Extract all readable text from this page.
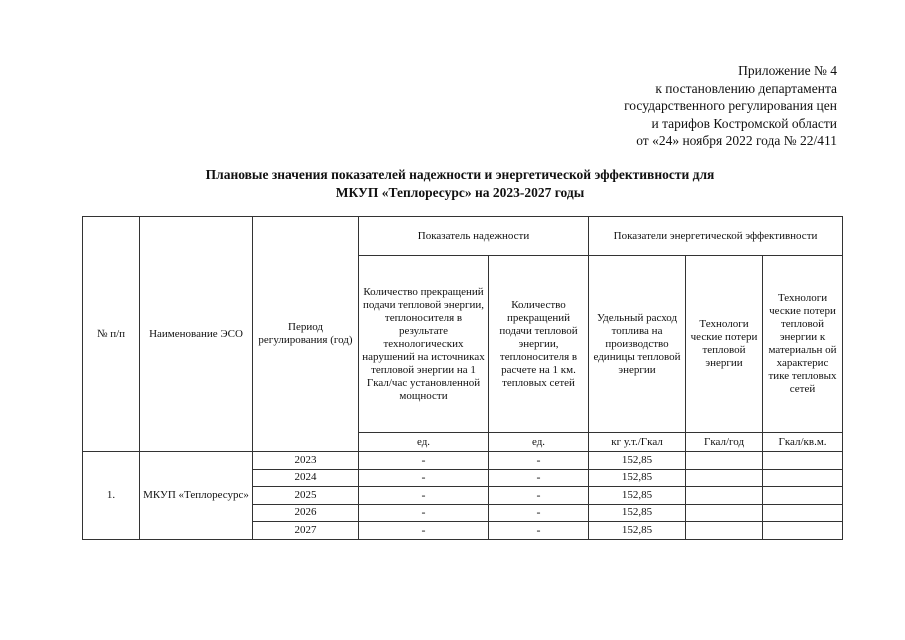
Приложение № 4
к постановлению департамента
государственного регулирования цен
и тарифов Костромской области
от «24» ноября 2022 года № 22/411
Плановые значения показателей надежности и энергетической эффективности для
МКУП «Теплоресурс» на 2023-2027 годы
№ п/п	Наименование ЭСО	Период регулирования (год)	Показатель надежности		Показатели энергетической эффективности		
			Количество прекращений подачи тепловой энергии, теплоносителя в результате технологических нарушений на источниках тепловой энергии на 1 Гкал/час установленной мощности	Количество прекращений подачи тепловой энергии, теплоносителя в расчете на 1 км. тепловых сетей	Удельный расход топлива на производство единицы тепловой энергии	Технологи ческие потери тепловой энергии	Технологи ческие потери тепловой энергии к материальн ой характерис тике тепловых сетей
			ед.	ед.	кг у.т./Гкал	Гкал/год	Гкал/кв.м.
1.	МКУП «Теплоресурс»	2023	-	-	152,85		
		2024	-	-	152,85		
		2025	-	-	152,85		
		2026	-	-	152,85		
		2027	-	-	152,85		
